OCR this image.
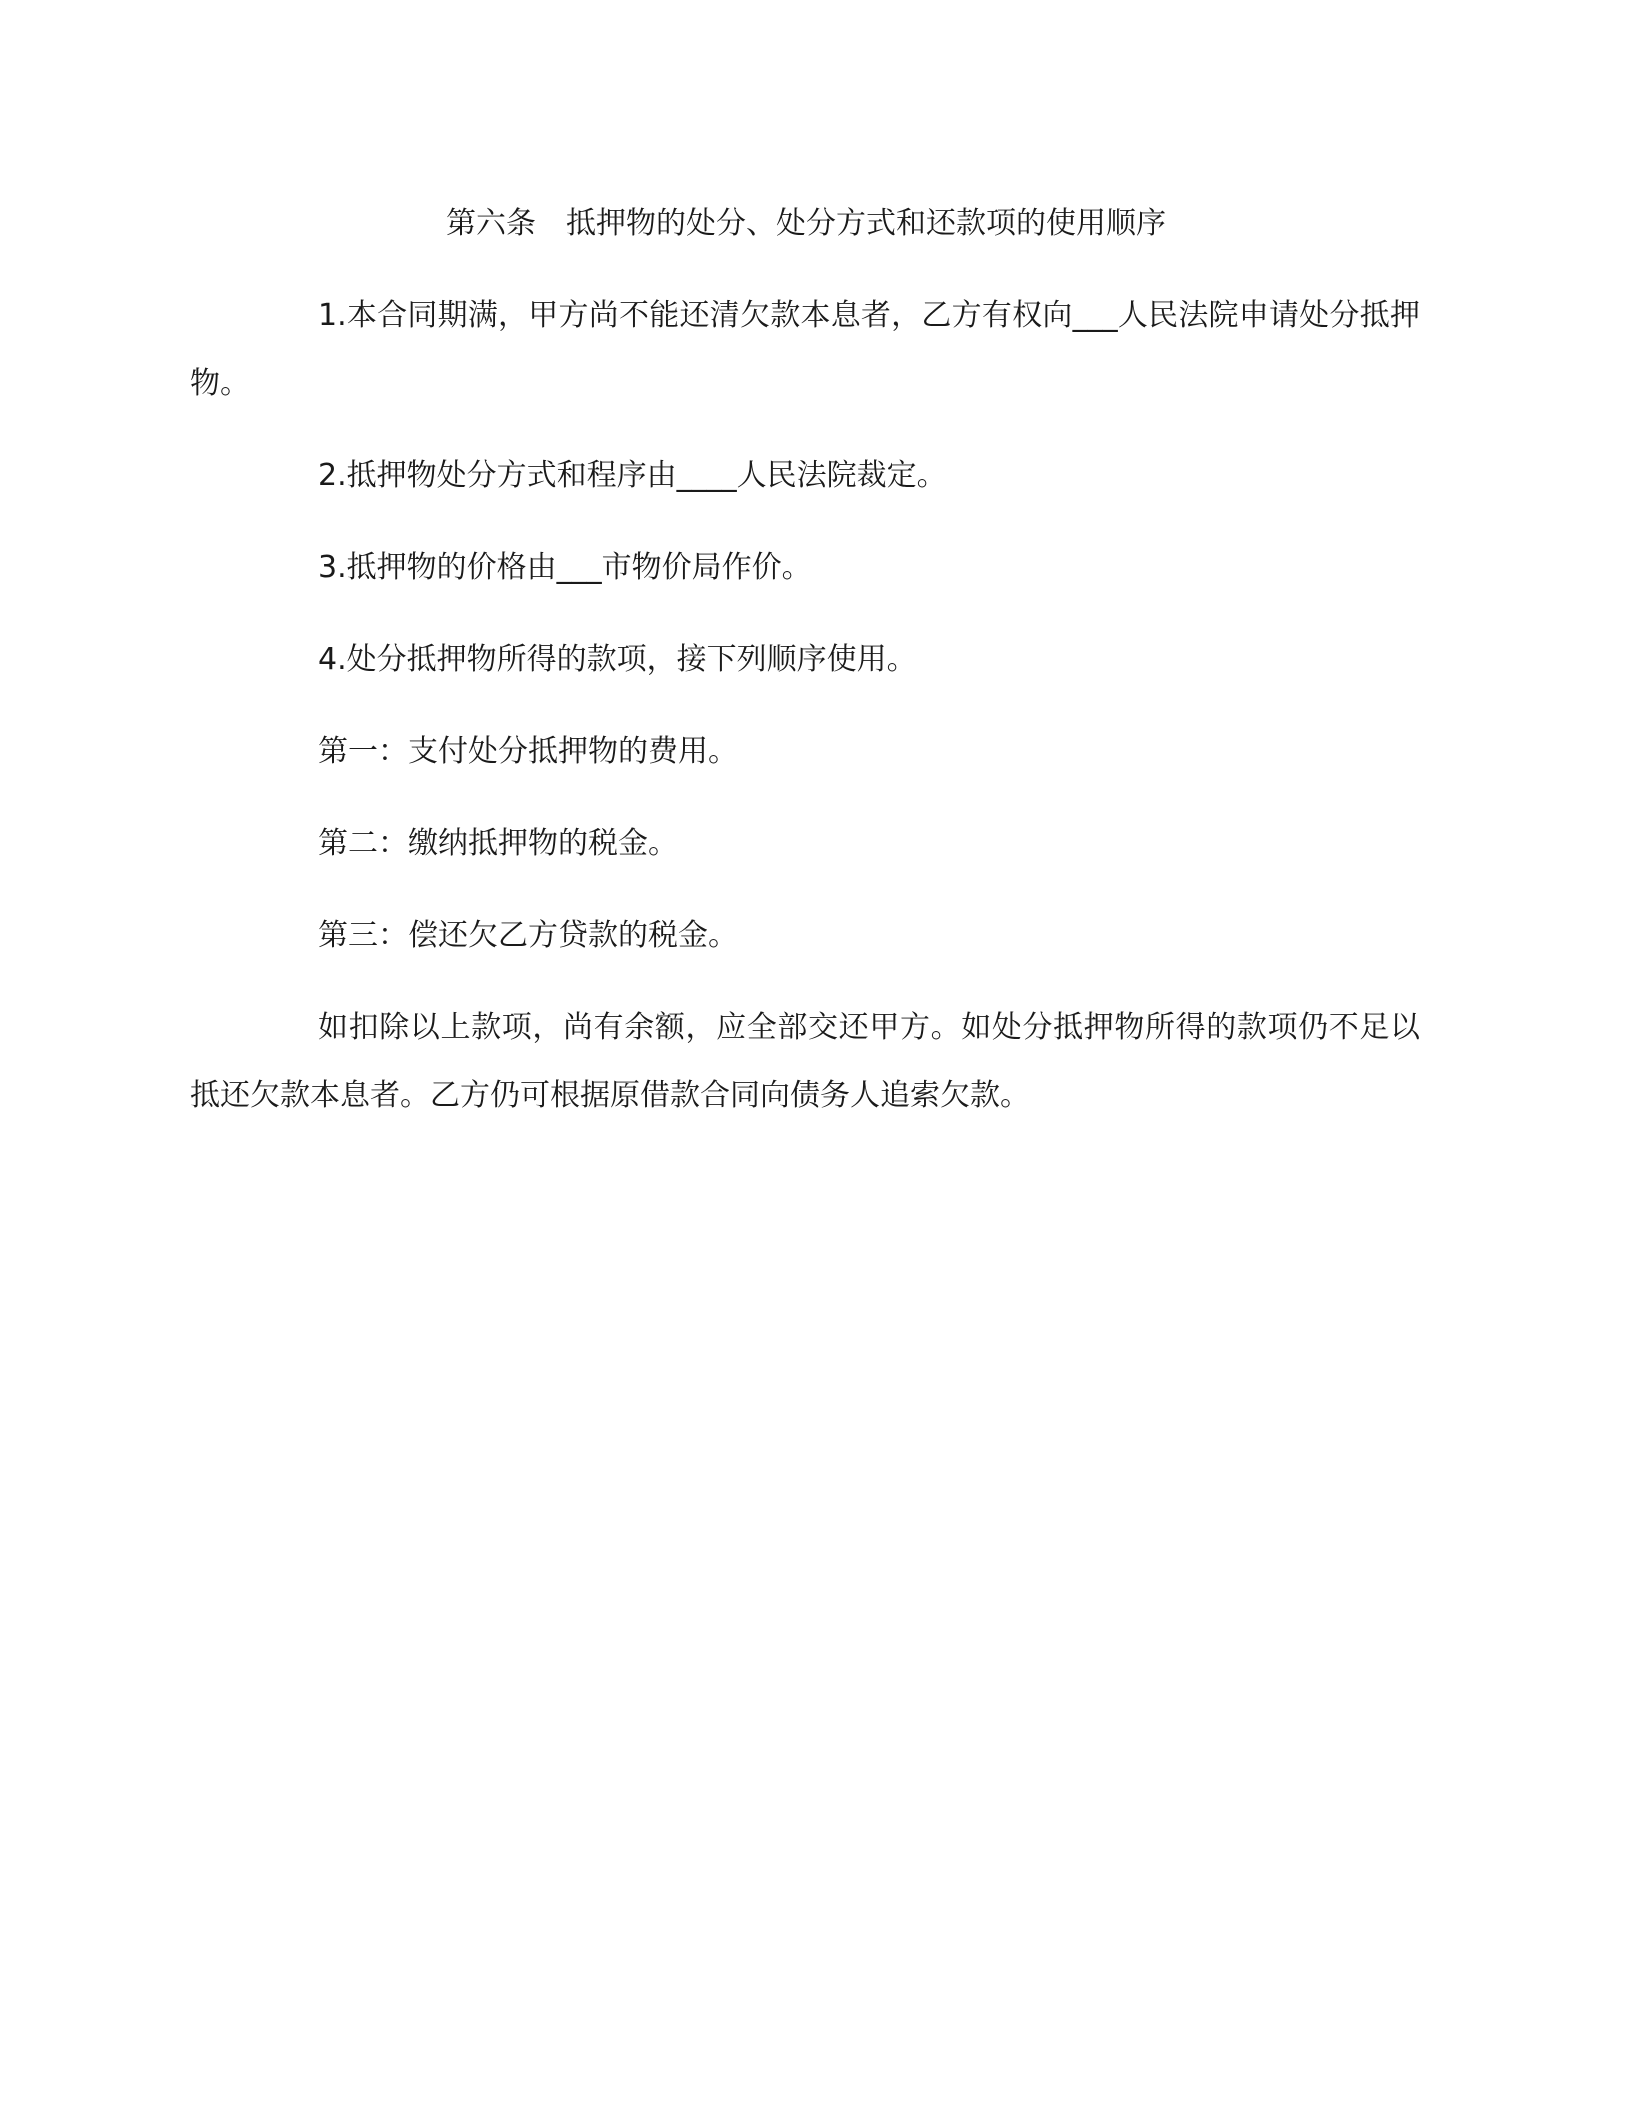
第六条 抵押物的处分、处分方式和还款项的使用顺序

1.本合同期满，甲方尚不能还清欠款本息者，乙方有权向___人民法院申请处分抵押物。

2.抵押物处分方式和程序由____人民法院裁定。

3.抵押物的价格由___市物价局作价。

4.处分抵押物所得的款项，接下列顺序使用。

第一：支付处分抵押物的费用。

第二：缴纳抵押物的税金。

第三：偿还欠乙方贷款的税金。

如扣除以上款项，尚有余额，应全部交还甲方。如处分抵押物所得的款项仍不足以抵还欠款本息者。乙方仍可根据原借款合同向债务人追索欠款。
